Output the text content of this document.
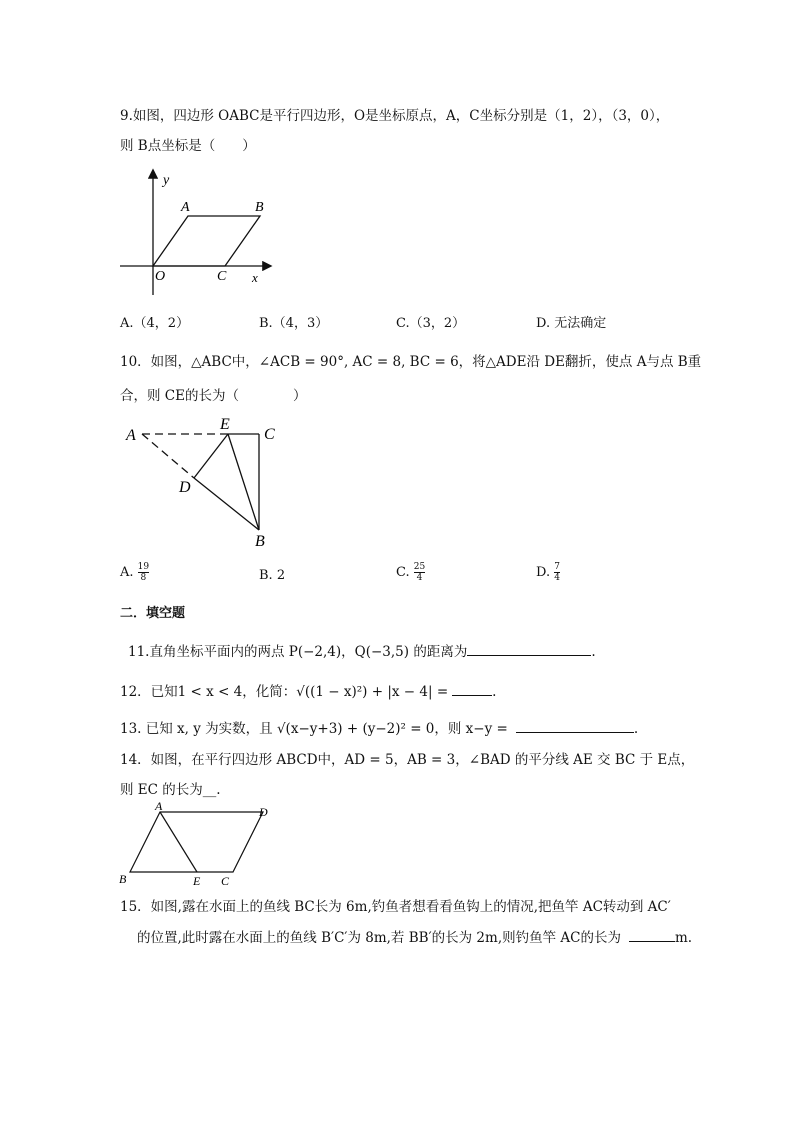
9.如图，四边形 OABC是平行四边形，O是坐标原点，A，C坐标分别是（1，2），（3，0），
则 B点坐标是（　　）
y
A	B
O	C x
A.（4，2）	B.（4，3）	C.（3，2）	D. 无法确定
10．如图，△ABC中，∠ACB = 90°, AC = 8, BC = 6，将△ADE沿 DE翻折，使点 A与点 B重
合，则 CE的长为（　　　　）
A
E
C
D
B
A. $\frac{19}{8}$	B. 2	C. $\frac{25}{4}$	D. $\frac{7}{4}$
二．填空题
11.直角坐标平面内的两点 P(−2,4)，Q(−3,5) 的距离为	.
12．已知1 < x < 4，化简：√((1 − x)²) + |x − 4| =	.
13. 已知 x, y 为实数，且 √(x−y+3) + (y−2)² = 0，则 x−y =	.
14．如图，在平行四边形 ABCD中，AD = 5，AB = 3，∠BAD 的平分线 AE 交 BC 于 E点，
则 EC 的长为__.
A	D
B	E C
15．如图,露在水面上的鱼线 BC长为 6m,钓鱼者想看看鱼钩上的情况,把鱼竿 AC转动到 AC′
的位置,此时露在水面上的鱼线 B′C′为 8m,若 BB′的长为 2m,则钓鱼竿 AC的长为	m.
